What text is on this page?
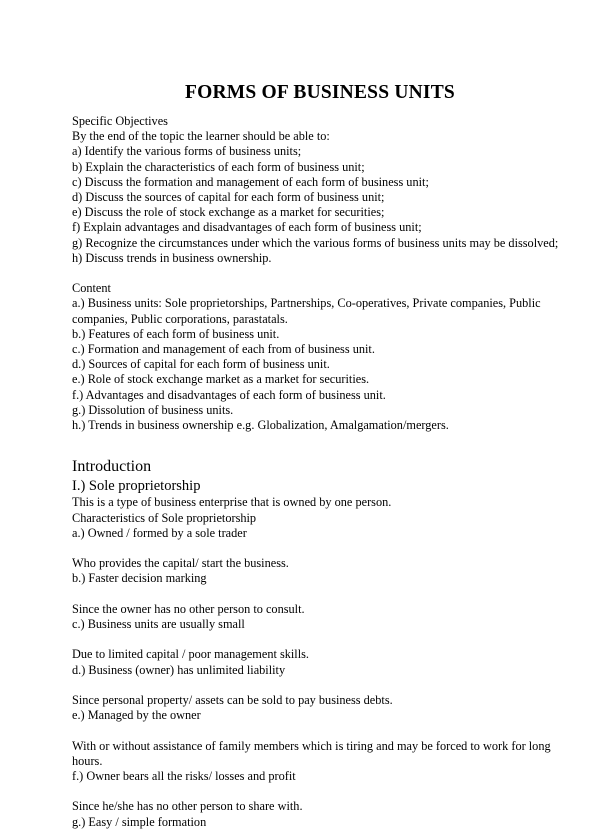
FORMS OF BUSINESS UNITS

Specific Objectives

By the end of the topic the learner should be able to:

a) Identify the various forms of business units;

b) Explain the characteristics of each form of business unit;

c) Discuss the formation and management of each form of business unit;

d) Discuss the sources of capital for each form of business unit;

e) Discuss the role of stock exchange as a market for securities;

f) Explain advantages and disadvantages of each form of business unit;

g) Recognize the circumstances under which the various forms of business units may be dissolved;

h) Discuss trends in business ownership.

Content

a.) Business units: Sole proprietorships, Partnerships, Co-operatives, Private companies, Public

companies, Public corporations, parastatals.

b.) Features of each form of business unit.

c.) Formation and management of each from of business unit.

d.) Sources of capital for each form of business unit.

e.) Role of stock exchange market as a market for securities.

f.) Advantages and disadvantages of each form of business unit.

g.) Dissolution of business units.

h.) Trends in business ownership e.g. Globalization, Amalgamation/mergers.

Introduction

I.) Sole proprietorship

This is a type of business enterprise that is owned by one person.

Characteristics of Sole proprietorship

a.) Owned / formed by a sole trader

Who provides the capital/ start the business.

b.) Faster decision marking

Since the owner has no other person to consult.

c.) Business units are usually small

Due to limited capital / poor management skills.

d.) Business (owner) has unlimited liability

Since personal property/ assets can be sold to pay business debts.

e.) Managed by the owner

With or without assistance of family members which is tiring and may be forced to work for long hours.

f.) Owner bears all the risks/ losses and profit

Since he/she has no other person to share with.

g.) Easy / simple formation
